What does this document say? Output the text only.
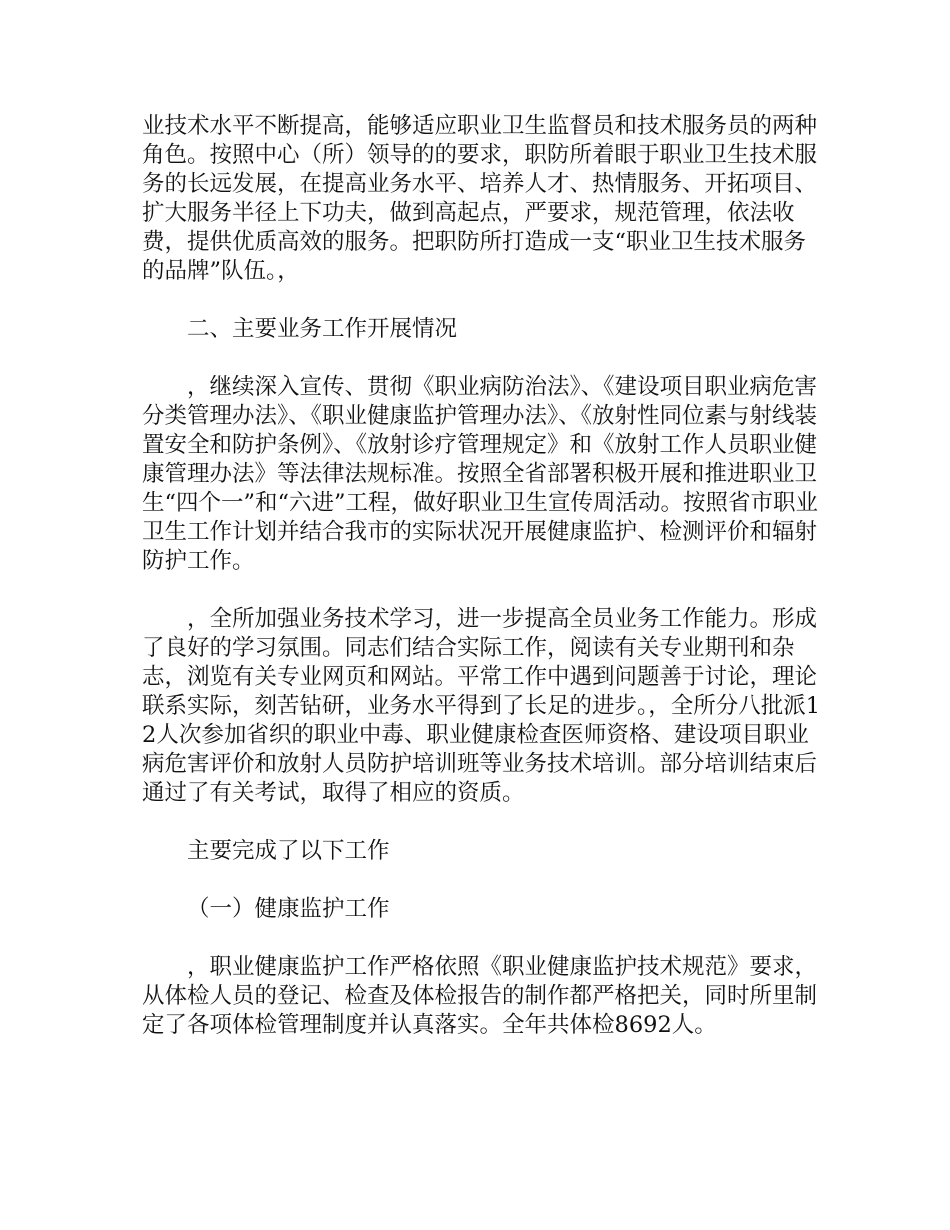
业技术水平不断提高，能够适应职业卫生监督员和技术服务员的两种角色。按照中心（所）领导的的要求，职防所着眼于职业卫生技术服务的长远发展，在提高业务水平、培养人才、热情服务、开拓项目、扩大服务半径上下功夫，做到高起点，严要求，规范管理，依法收费，提供优质高效的服务。把职防所打造成一支“职业卫生技术服务的品牌”队伍。，

二、主要业务工作开展情况

，继续深入宣传、贯彻《职业病防治法》、《建设项目职业病危害分类管理办法》、《职业健康监护管理办法》、《放射性同位素与射线装置安全和防护条例》、《放射诊疗管理规定》和《放射工作人员职业健康管理办法》等法律法规标准。按照全省部署积极开展和推进职业卫生“四个一”和“六进”工程，做好职业卫生宣传周活动。按照省市职业卫生工作计划并结合我市的实际状况开展健康监护、检测评价和辐射防护工作。

，全所加强业务技术学习，进一步提高全员业务工作能力。形成了良好的学习氛围。同志们结合实际工作，阅读有关专业期刊和杂志，浏览有关专业网页和网站。平常工作中遇到问题善于讨论，理论联系实际，刻苦钻研，业务水平得到了长足的进步。，全所分八批派12人次参加省织的职业中毒、职业健康检查医师资格、建设项目职业病危害评价和放射人员防护培训班等业务技术培训。部分培训结束后通过了有关考试，取得了相应的资质。

主要完成了以下工作

（一）健康监护工作

，职业健康监护工作严格依照《职业健康监护技术规范》要求，从体检人员的登记、检查及体检报告的制作都严格把关，同时所里制定了各项体检管理制度并认真落实。全年共体检8692人。
